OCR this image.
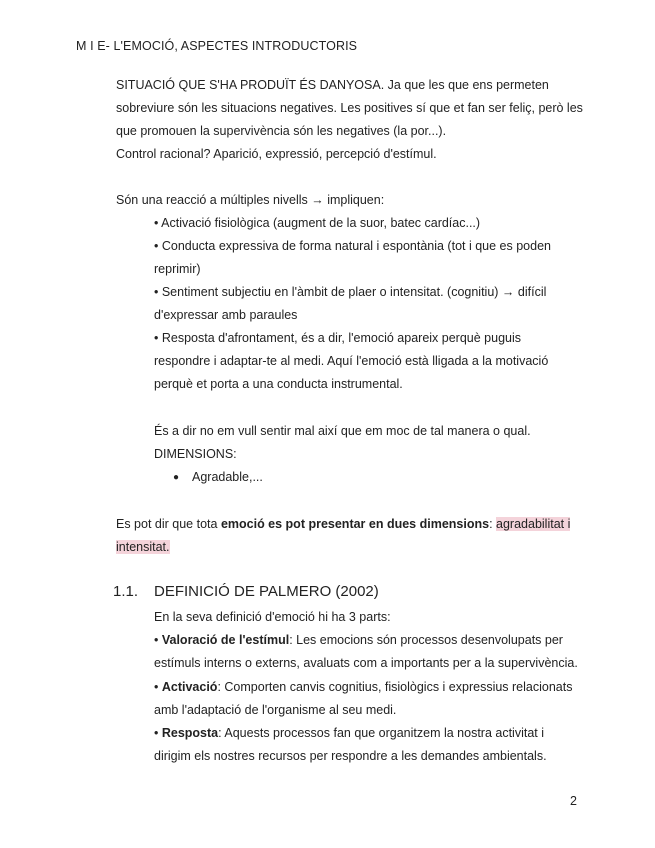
M I E- L'EMOCIÓ, ASPECTES INTRODUCTORIS
SITUACIÓ QUE S'HA PRODUÏT ÉS DANYOSA. Ja que les que ens permeten
sobreviure són les situacions negatives. Les positives sí que et fan ser feliç, però les
que promouen la supervivència són les negatives (la por...).
Control racional? Aparició, expressió, percepció d'estímul.
Són una reacció a múltiples nivells → impliquen:
• Activació fisiològica (augment de la suor, batec cardíac...)
• Conducta expressiva de forma natural i espontània (tot i que es poden
reprimir)
• Sentiment subjectiu en l'àmbit de plaer o intensitat. (cognitiu) → difícil
d'expressar amb paraules
• Resposta d'afrontament, és a dir, l'emoció apareix perquè puguis
respondre i adaptar-te al medi. Aquí l'emoció està lligada a la motivació
perquè et porta a una conducta instrumental.
És a dir no em vull sentir mal així que em moc de tal manera o qual.
DIMENSIONS:
● Agradable,...
Es pot dir que tota emoció es pot presentar en dues dimensions: agradabilitat i
intensitat.
1.1. DEFINICIÓ DE PALMERO (2002)
En la seva definició d'emoció hi ha 3 parts:
• Valoració de l'estímul: Les emocions són processos desenvolupats per
estímuls interns o externs, avaluats com a importants per a la supervivència.
• Activació: Comporten canvis cognitius, fisiològics i expressius relacionats
amb l'adaptació de l'organisme al seu medi.
• Resposta: Aquests processos fan que organitzem la nostra activitat i
dirigim els nostres recursos per respondre a les demandes ambientals.
2
